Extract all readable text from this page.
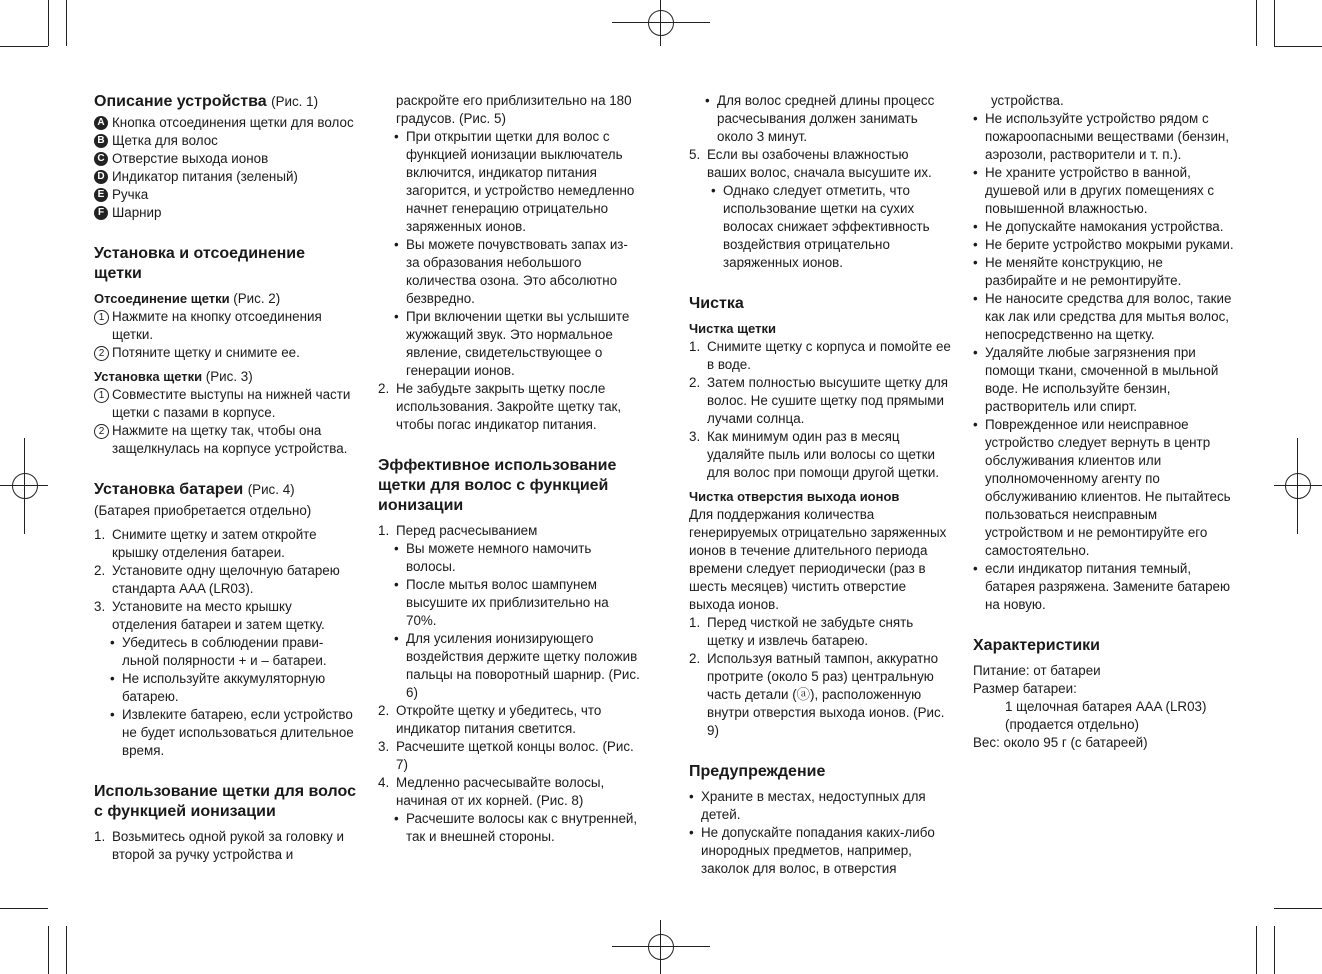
Описание устройства (Рис. 1)
A Кнопка отсоединения щетки для волос
B Щетка для волос
C Отверстие выхода ионов
D Индикатор питания (зеленый)
E Ручка
F Шарнир
Установка и отсоединение щетки
Отсоединение щетки (Рис. 2)
1 Нажмите на кнопку отсоединения щетки.
2 Потяните щетку и снимите ее.
Установка щетки (Рис. 3)
1 Совместите выступы на нижней части щетки с пазами в корпусе.
2 Нажмите на щетку так, чтобы она защелкнулась на корпусе устройства.
Установка батареи (Рис. 4)
(Батарея приобретается отдельно)
1. Снимите щетку и затем откройте крышку отделения батареи.
2. Установите одну щелочную батарею стандарта AAA (LR03).
3. Установите на место крышку отделения батареи и затем щетку.
• Убедитесь в соблюдении прави- льной полярности + и – батареи.
• Не используйте аккумуляторную батарею.
• Извлеките батарею, если устройство не будет использоваться длительное время.
Использование щетки для волос с функцией ионизации
1. Возьмитесь одной рукой за головку и второй за ручку устройства и
раскройте его приблизительно на 180 градусов. (Рис. 5)
• При открытии щетки для волос с функцией ионизации выключатель включится, индикатор питания загорится, и устройство немедленно начнет генерацию отрицательно заряженных ионов.
• Вы можете почувствовать запах из-за образования небольшого количества озона. Это абсолютно безвредно.
• При включении щетки вы услышите жужжащий звук. Это нормальное явление, свидетельствующее о генерации ионов.
2. Не забудьте закрыть щетку после использования. Закройте щетку так, чтобы погас индикатор питания.
Эффективное использование щетки для волос с функцией ионизации
1. Перед расчесыванием
• Вы можете немного намочить волосы.
• После мытья волос шампунем высушите их приблизительно на 70%.
• Для усиления ионизирующего воздействия держите щетку положив пальцы на поворотный шарнир. (Рис. 6)
2. Откройте щетку и убедитесь, что индикатор питания светится.
3. Расчешите щеткой концы волос. (Рис. 7)
4. Медленно расчесывайте волосы, начиная от их корней. (Рис. 8)
• Расчешите волосы как с внутренней, так и внешней стороны.
• Для волос средней длины процесс расчесывания должен занимать около 3 минут.
5. Если вы озабочены влажностью ваших волос, сначала высушите их.
• Однако следует отметить, что использование щетки на сухих волосах снижает эффективность воздействия отрицательно заряженных ионов.
Чистка
Чистка щетки
1. Снимите щетку с корпуса и помойте ее в воде.
2. Затем полностью высушите щетку для волос. Не сушите щетку под прямыми лучами солнца.
3. Как минимум один раз в месяц удаляйте пыль или волосы со щетки для волос при помощи другой щетки.
Чистка отверстия выхода ионов
Для поддержания количества генерируемых отрицательно заряженных ионов в течение длительного периода времени следует периодически (раз в шесть месяцев) чистить отверстие выхода ионов.
1. Перед чисткой не забудьте снять щетку и извлечь батарею.
2. Используя ватный тампон, аккуратно протрите (около 5 раз) центральную часть детали (ⓐ), расположенную внутри отверстия выхода ионов. (Рис. 9)
Предупреждение
• Храните в местах, недоступных для детей.
• Не допускайте попадания каких-либо инородных предметов, например, заколок для волос, в отверстия
устройства.
• Не используйте устройство рядом с пожароопасными веществами (бензин, аэрозоли, растворители и т. п.).
• Не храните устройство в ванной, душевой или в других помещениях с повышенной влажностью.
• Не допускайте намокания устройства.
• Не берите устройство мокрыми руками.
• Не меняйте конструкцию, не разбирайте и не ремонтируйте.
• Не наносите средства для волос, такие как лак или средства для мытья волос, непосредственно на щетку.
• Удаляйте любые загрязнения при помощи ткани, смоченной в мыльной воде. Не используйте бензин, растворитель или спирт.
• Поврежденное или неисправное устройство следует вернуть в центр обслуживания клиентов или уполномоченному агенту по обслуживанию клиентов. Не пытайтесь пользоваться неисправным устройством и не ремонтируйте его самостоятельно.
• если индикатор питания темный, батарея разряжена. Замените батарею на новую.
Характеристики
Питание: от батареи
Размер батареи:
1 щелочная батарея AAA (LR03)
(продается отдельно)
Вес: около 95 г (с батареей)
